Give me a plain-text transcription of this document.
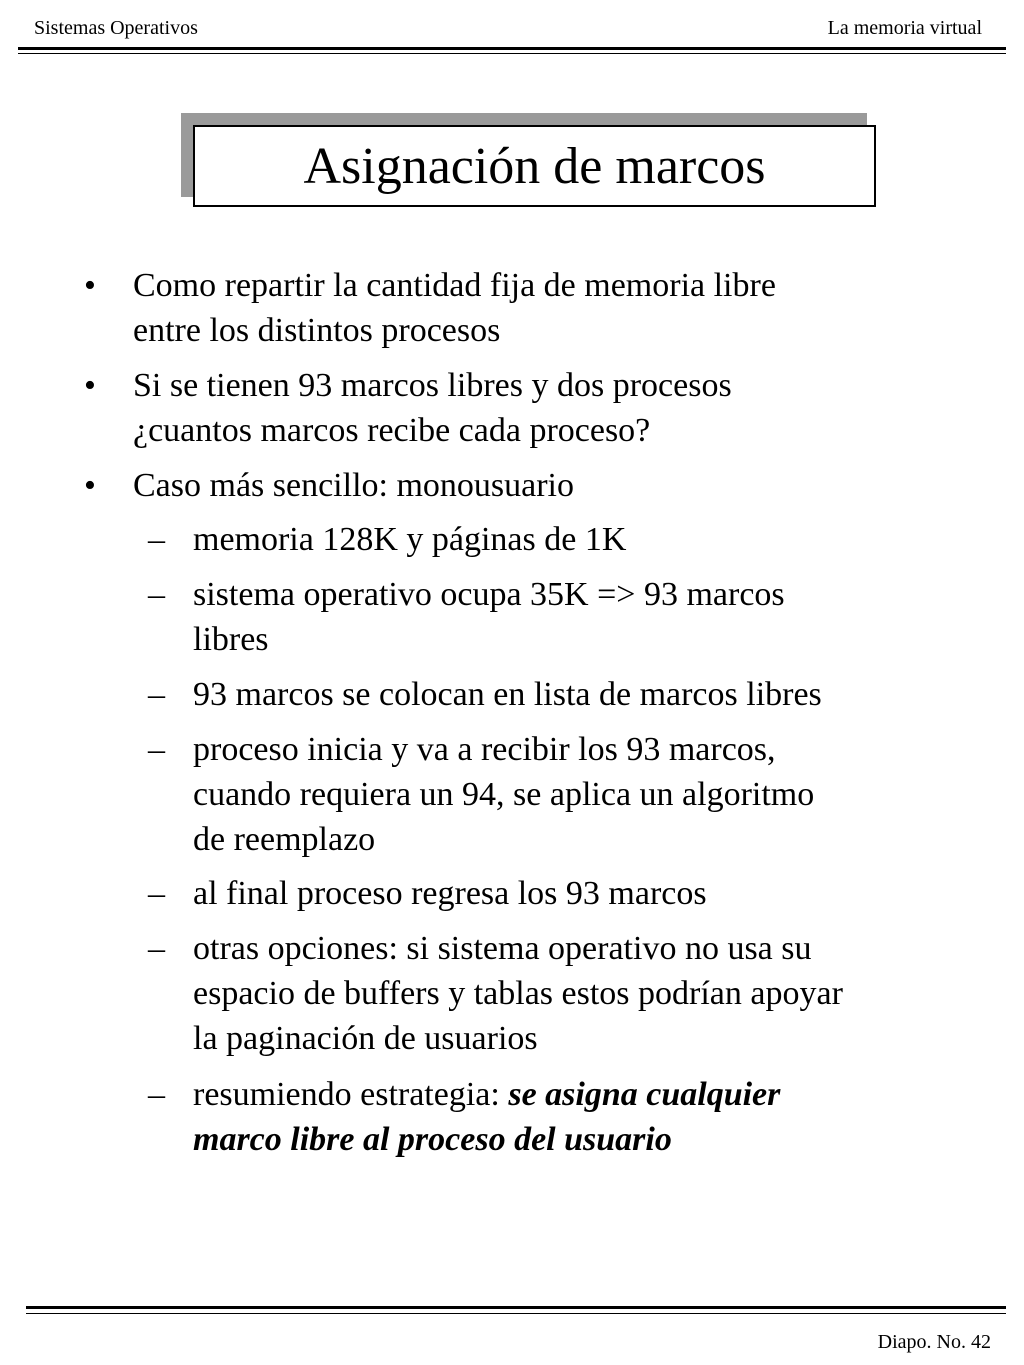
Sistemas Operativos	La memoria virtual
Asignación de marcos
• Como repartir la cantidad fija de memoria libre
entre los distintos procesos
• Si se tienen 93 marcos libres y dos procesos
¿cuantos marcos recibe cada proceso?
• Caso más sencillo: monousuario
– memoria 128K y páginas de 1K
– sistema operativo ocupa 35K => 93 marcos
libres
– 93 marcos se colocan en lista de marcos libres
– proceso inicia y va a recibir los 93 marcos,
cuando requiera un 94, se aplica un algoritmo
de reemplazo
– al final proceso regresa los 93 marcos
– otras opciones: si sistema operativo no usa su
espacio de buffers y tablas estos podrían apoyar
la paginación de usuarios
– resumiendo estrategia: se asigna cualquier
marco libre al proceso del usuario
Diapo. No. 42
